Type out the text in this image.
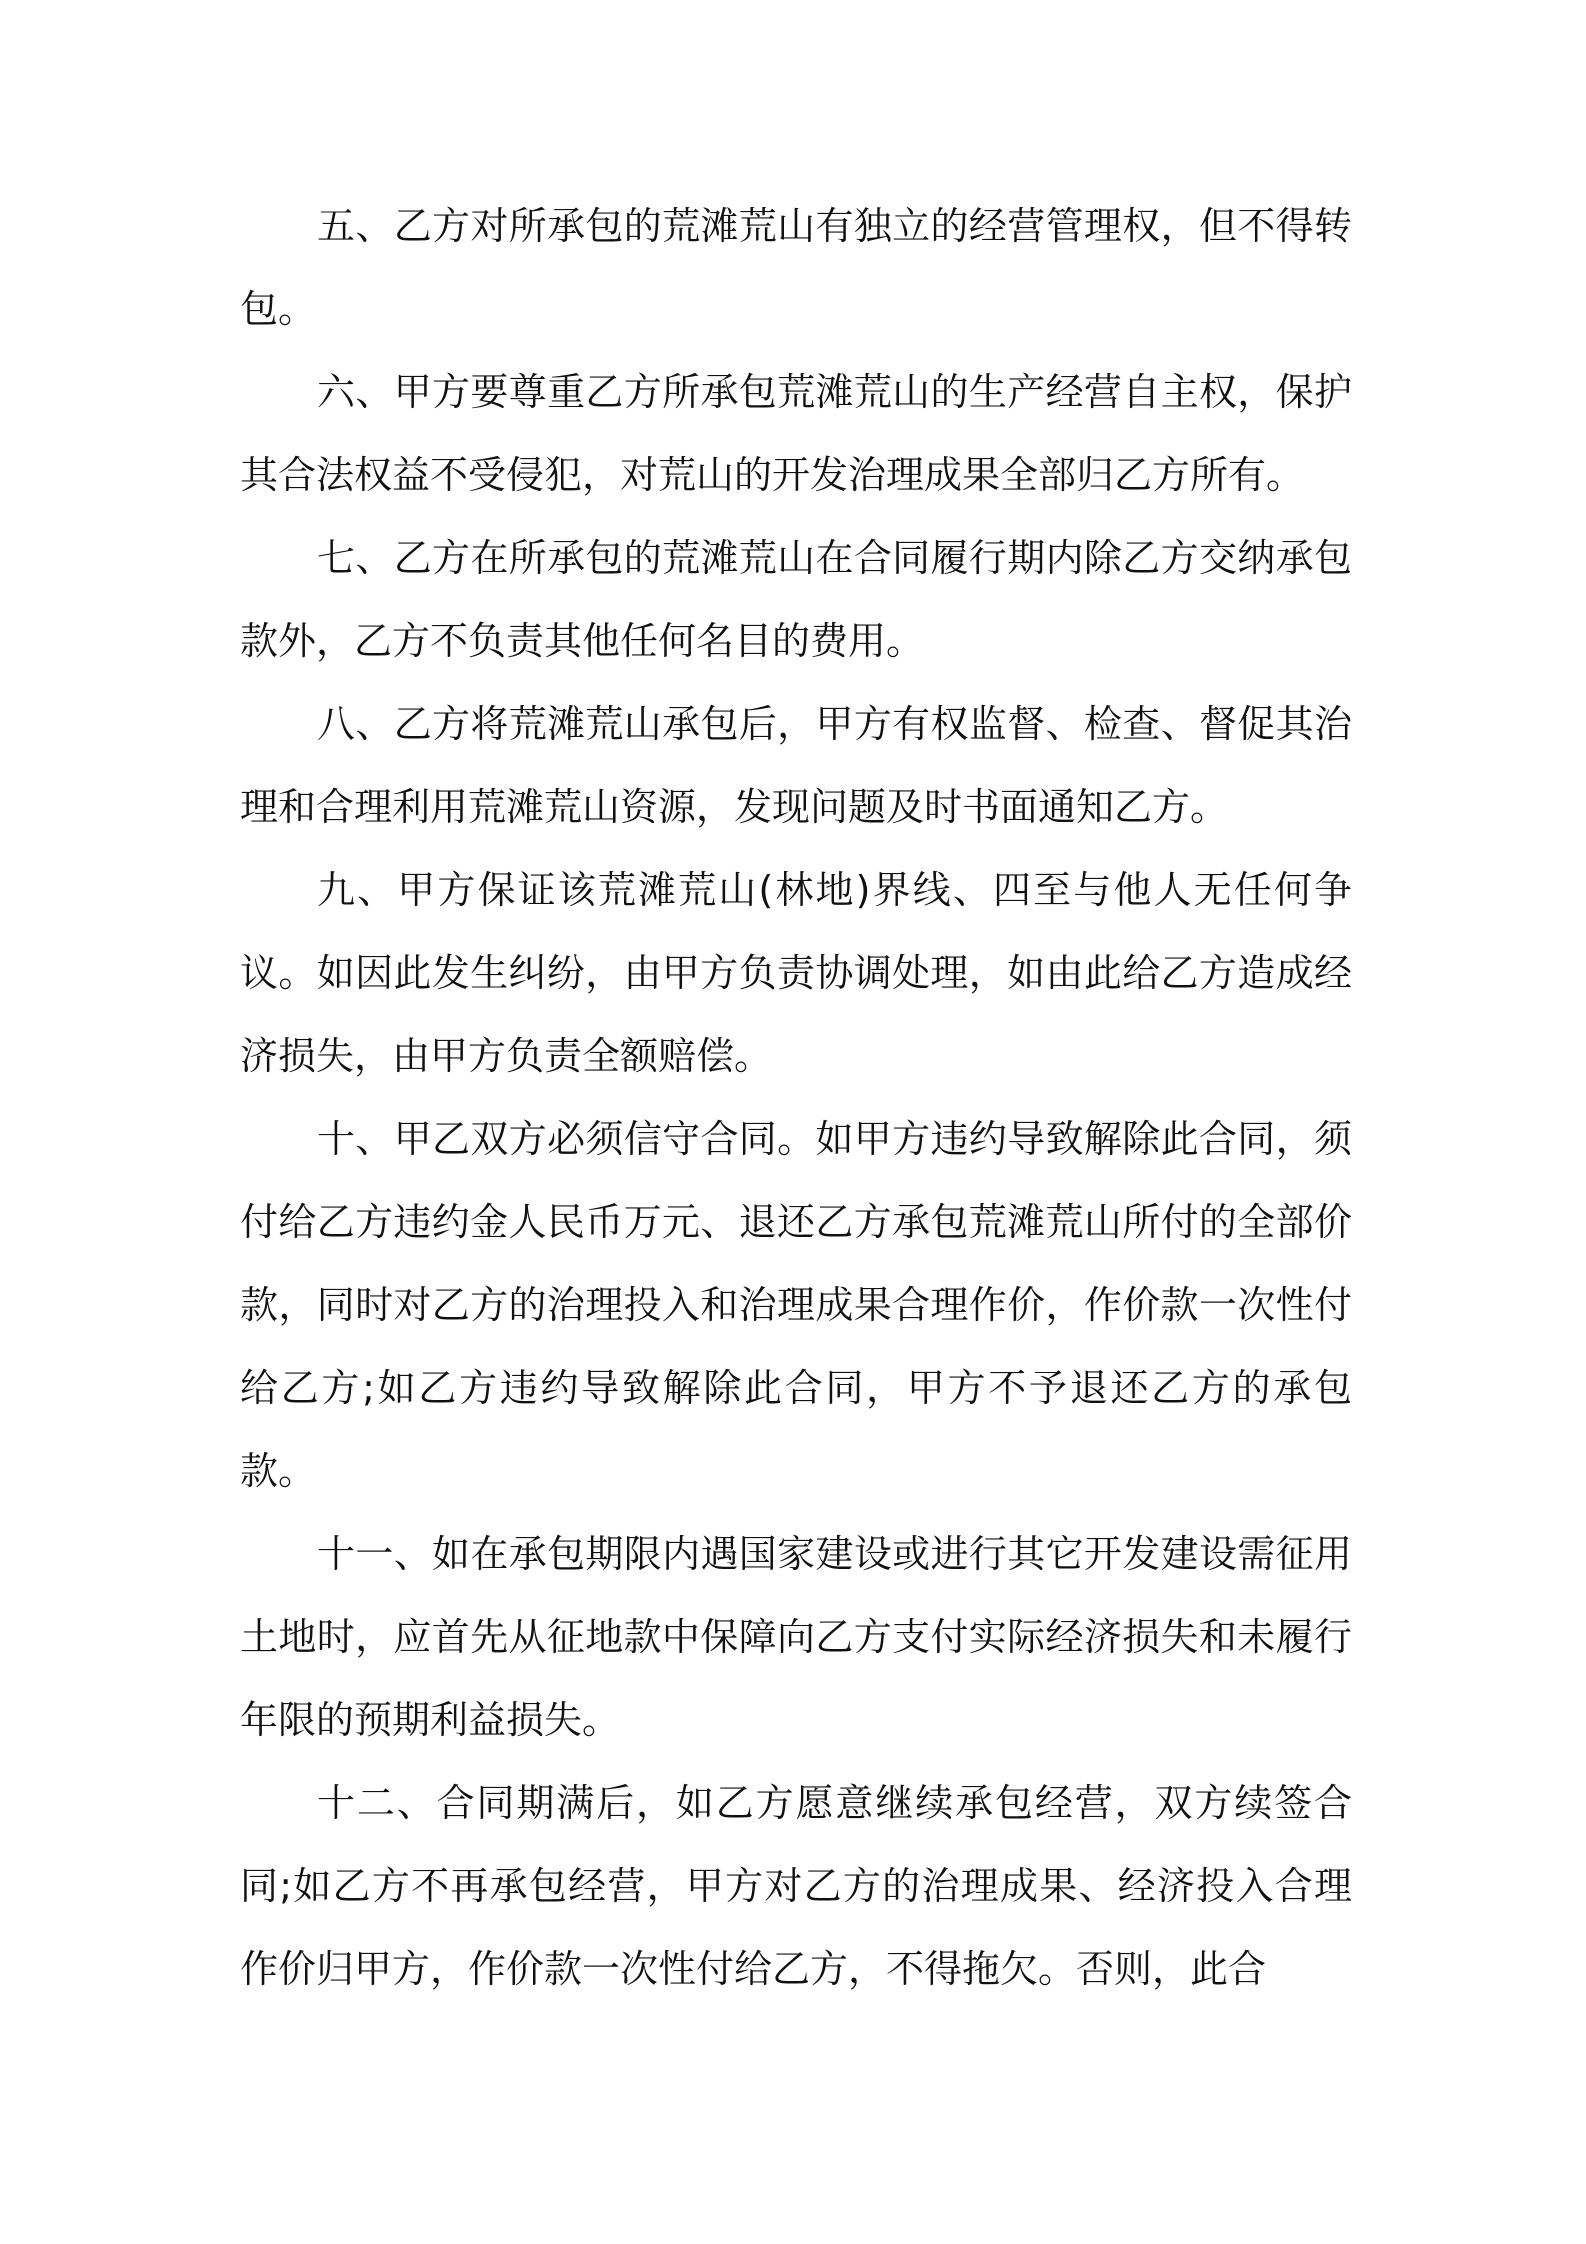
五、乙方对所承包的荒滩荒山有独立的经营管理权，但不得转包。

六、甲方要尊重乙方所承包荒滩荒山的生产经营自主权，保护其合法权益不受侵犯，对荒山的开发治理成果全部归乙方所有。

七、乙方在所承包的荒滩荒山在合同履行期内除乙方交纳承包款外，乙方不负责其他任何名目的费用。

八、乙方将荒滩荒山承包后，甲方有权监督、检查、督促其治理和合理利用荒滩荒山资源，发现问题及时书面通知乙方。

九、甲方保证该荒滩荒山(林地)界线、四至与他人无任何争议。如因此发生纠纷，由甲方负责协调处理，如由此给乙方造成经济损失，由甲方负责全额赔偿。

十、甲乙双方必须信守合同。如甲方违约导致解除此合同，须付给乙方违约金人民币万元、退还乙方承包荒滩荒山所付的全部价款，同时对乙方的治理投入和治理成果合理作价，作价款一次性付给乙方;如乙方违约导致解除此合同，甲方不予退还乙方的承包款。

十一、如在承包期限内遇国家建设或进行其它开发建设需征用土地时，应首先从征地款中保障向乙方支付实际经济损失和未履行年限的预期利益损失。

十二、合同期满后，如乙方愿意继续承包经营，双方续签合同;如乙方不再承包经营，甲方对乙方的治理成果、经济投入合理作价归甲方，作价款一次性付给乙方，不得拖欠。否则，此合
